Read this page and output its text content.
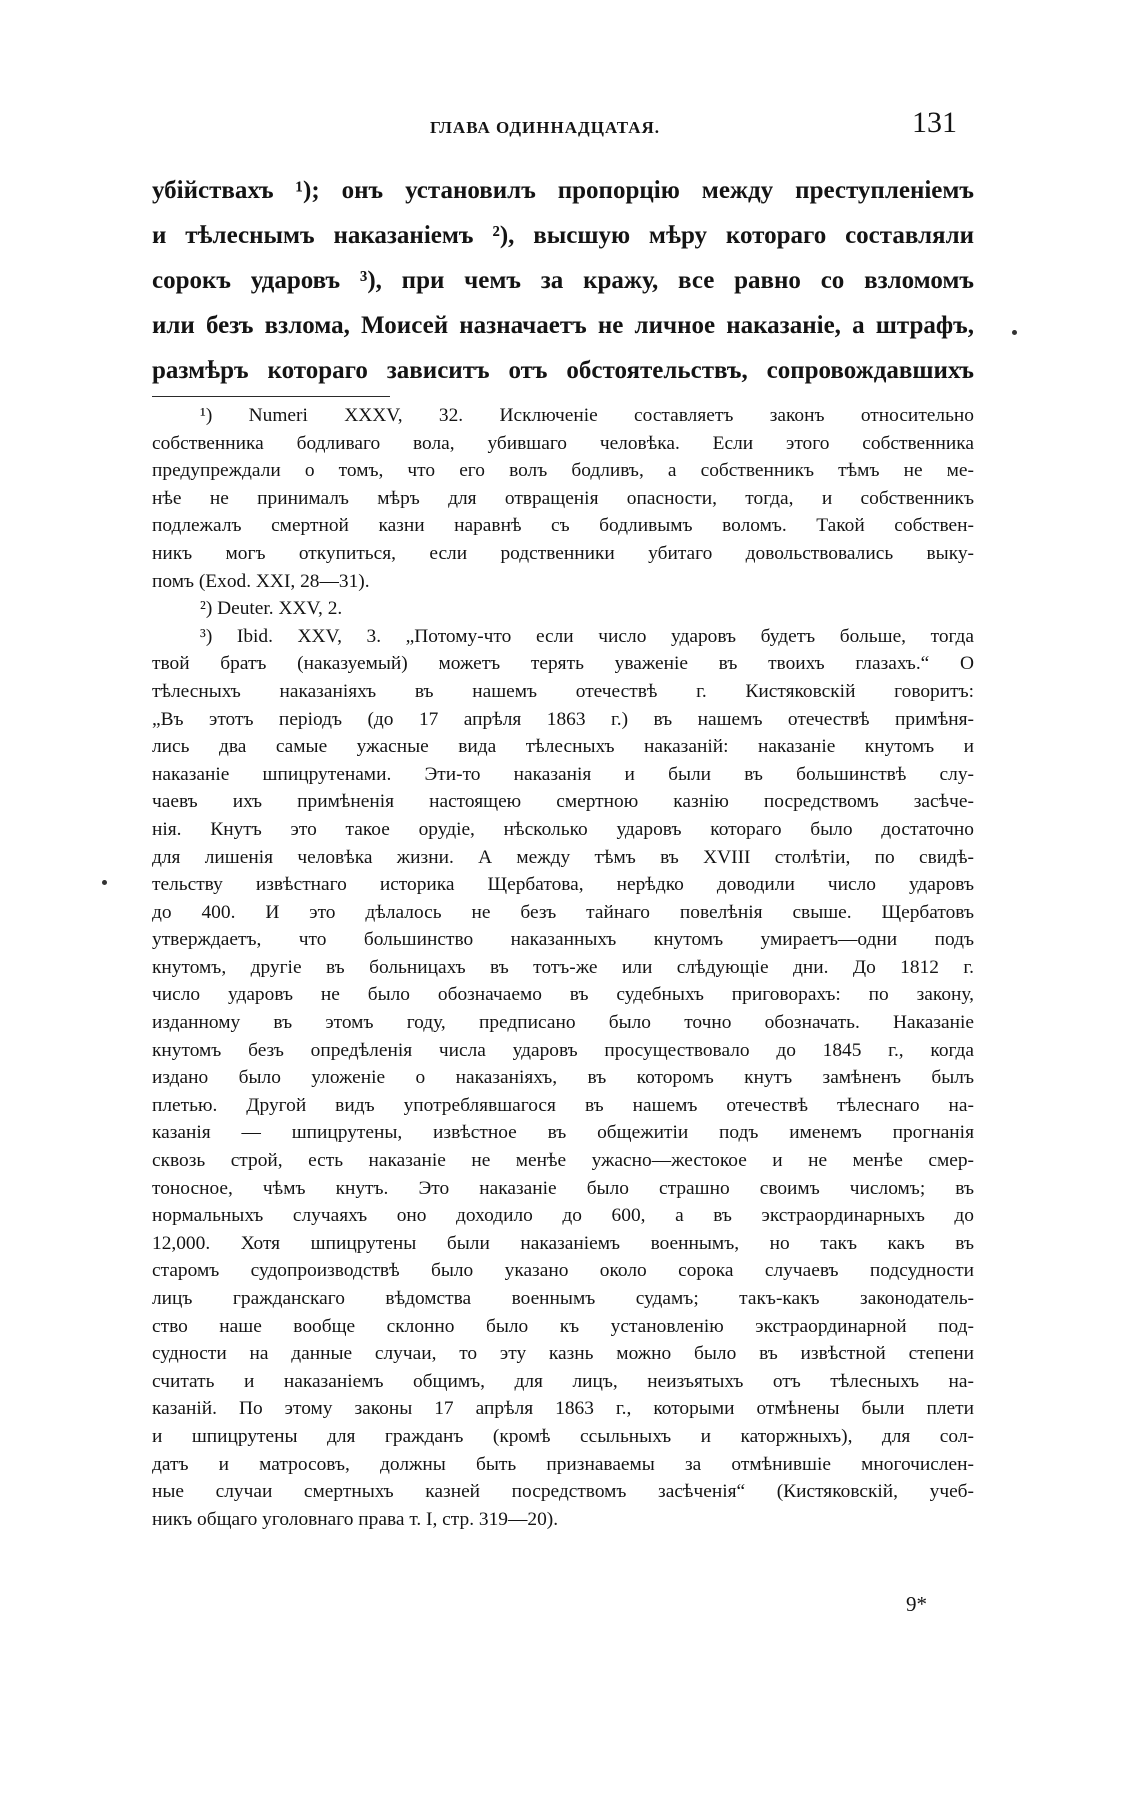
ГЛАВА ОДИННАДЦАТАЯ.	131
убійствахъ ¹); онъ установилъ пропорцію между преступленіемъ
и тѣлеснымъ наказаніемъ ²), высшую мѣру котораго составляли
сорокъ ударовъ ³), при чемъ за кражу, все равно со взломомъ
или безъ взлома, Моисей назначаетъ не личное наказаніе, а штрафъ,
размѣръ котораго зависитъ отъ обстоятельствъ, сопровождавшихъ
¹) Numeri XXXV, 32. Исключеніе составляетъ законъ относительно
собственника бодливаго вола, убившаго человѣка. Если этого собственника
предупреждали о томъ, что его волъ бодливъ, а собственникъ тѣмъ не ме-
нѣе не принималъ мѣръ для отвращенія опасности, тогда, и собственникъ
подлежалъ смертной казни наравнѣ съ бодливымъ воломъ. Такой собствен-
никъ могъ откупиться, если родственники убитаго довольствовались выку-
помъ (Exod. XXI, 28—31).
²) Deuter. XXV, 2.
³) Ibid. XXV, 3. „Потому-что если число ударовъ будетъ больше, тогда
твой братъ (наказуемый) можетъ терять уваженіе въ твоихъ глазахъ.“ О
тѣлесныхъ наказаніяхъ въ нашемъ отечествѣ г. Кистяковскій говоритъ:
„Въ этотъ періодъ (до 17 апрѣля 1863 г.) въ нашемъ отечествѣ примѣня-
лись два самые ужасные вида тѣлесныхъ наказаній: наказаніе кнутомъ и
наказаніе шпицрутенами. Эти-то наказанія и были въ большинствѣ слу-
чаевъ ихъ примѣненія настоящею смертною казнію посредствомъ засѣче-
нія. Кнутъ это такое орудіе, нѣсколько ударовъ котораго было достаточно
для лишенія человѣка жизни. А между тѣмъ въ XVIII столѣтіи, по свидѣ-
тельству извѣстнаго историка Щербатова, нерѣдко доводили число ударовъ
до 400. И это дѣлалось не безъ тайнаго повелѣнія свыше. Щербатовъ
утверждаетъ, что большинство наказанныхъ кнутомъ умираетъ—одни подъ
кнутомъ, другіе въ больницахъ въ тотъ-же или слѣдующіе дни. До 1812 г.
число ударовъ не было обозначаемо въ судебныхъ приговорахъ: по закону,
изданному въ этомъ году, предписано было точно обозначать. Наказаніе
кнутомъ безъ опредѣленія числа ударовъ просуществовало до 1845 г., когда
издано было уложеніе о наказаніяхъ, въ которомъ кнутъ замѣненъ былъ
плетью. Другой видъ употреблявшагося въ нашемъ отечествѣ тѣлеснаго на-
казанія — шпицрутены, извѣстное въ общежитіи подъ именемъ прогнанія
сквозь строй, есть наказаніе не менѣе ужасно—жестокое и не менѣе смер-
тоносное, чѣмъ кнутъ. Это наказаніе было страшно своимъ числомъ; въ
нормальныхъ случаяхъ оно доходило до 600, а въ экстраординарныхъ до
12,000. Хотя шпицрутены были наказаніемъ военнымъ, но такъ какъ въ
старомъ судопроизводствѣ было указано около сорока случаевъ подсудности
лицъ гражданскаго вѣдомства военнымъ судамъ; такъ-какъ законодатель-
ство наше вообще склонно было къ установленію экстраординарной под-
судности на данные случаи, то эту казнь можно было въ извѣстной степени
считать и наказаніемъ общимъ, для лицъ, неизъятыхъ отъ тѣлесныхъ на-
казаній. По этому законы 17 апрѣля 1863 г., которыми отмѣнены были плети
и шпицрутены для гражданъ (кромѣ ссыльныхъ и каторжныхъ), для сол-
датъ и матросовъ, должны быть признаваемы за отмѣнившіе многочислен-
ные случаи смертныхъ казней посредствомъ засѣченія“ (Кистяковскій, учеб-
никъ общаго уголовнаго права т. I, стр. 319—20).
9*
